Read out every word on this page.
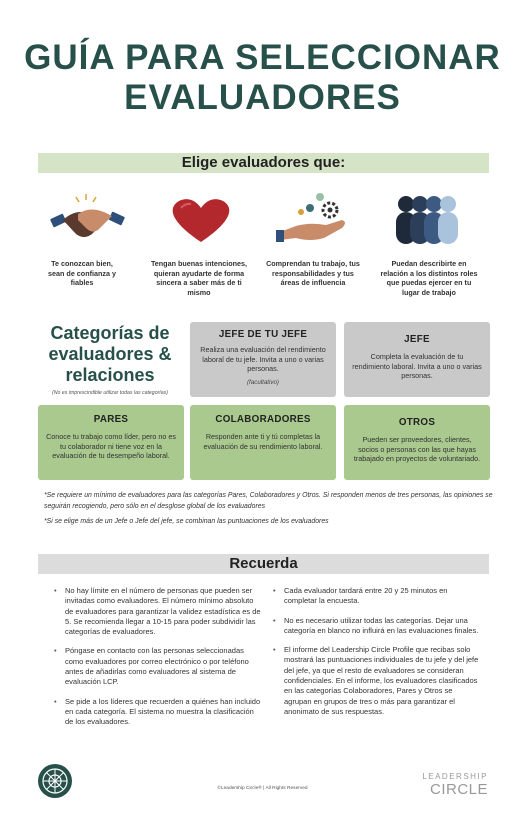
GUÍA PARA SELECCIONAR
EVALUADORES
Elige evaluadores que:
Te conozcan bien, sean de confianza y fiables
Tengan buenas intenciones, quieran ayudarte de forma sincera a saber más de ti mismo
Comprendan tu trabajo, tus responsabilidades y tus áreas de influencia
Puedan describirte en relación a los distintos roles que puedas ejercer en tu lugar de trabajo
Categorías de evaluadores & relaciones
(No es imprescindible utilizar todas las categorías)
JEFE DE TU JEFE
Realiza una evaluación del rendimiento laboral de tu jefe. Invita a uno o varias personas.
(facultativo)
JEFE
Completa la evaluación de tu rendimiento laboral. Invita a uno o varias personas.
PARES
Conoce tu trabajo como líder, pero no es tu colaborador ni tiene voz en la evaluación de tu desempeño laboral.
COLABORADORES
Responden ante ti y tú completas la evaluación de su rendimiento laboral.
OTROS
Pueden ser proveedores, clientes, socios o personas con las que hayas trabajado en proyectos de voluntariado.
*Se requiere un mínimo de evaluadores para las categorías Pares, Colaboradores y Otros. Si responden menos de tres personas, las opiniones se seguirán recogiendo, pero sólo en el desglose global de los evaluadores
*Si se elige más de un Jefe o Jefe del jefe, se combinan las puntuaciones de los evaluadores
Recuerda
• No hay límite en el número de personas que pueden ser invitadas como evaluadores. El número mínimo absoluto de evaluadores para garantizar la validez estadística es de 5. Se recomienda llegar a 10-15 para poder subdividir las categorías de evaluadores.
• Póngase en contacto con las personas seleccionadas como evaluadores por correo electrónico o por teléfono antes de añadirlas como evaluadores al sistema de evaluación LCP.
• Se pide a los líderes que recuerden a quiénes han incluido en cada categoría. El sistema no muestra la clasificación de los evaluadores.
• Cada evaluador tardará entre 20 y 25 minutos en completar la encuesta.
• No es necesario utilizar todas las categorías. Dejar una categoría en blanco no influirá en las evaluaciones finales.
• El informe del Leadership Circle Profile que recibas solo mostrará las puntuaciones individuales de tu jefe y del jefe del jefe, ya que el resto de evaluadores se consideran confidenciales. En el informe, los evaluadores clasificados en las categorías Colaboradores, Pares y Otros se agrupan en grupos de tres o más para garantizar el anonimato de sus respuestas.
©Leadership Circle® | All Rights Reserved
LEADERSHIP
CIRCLE
